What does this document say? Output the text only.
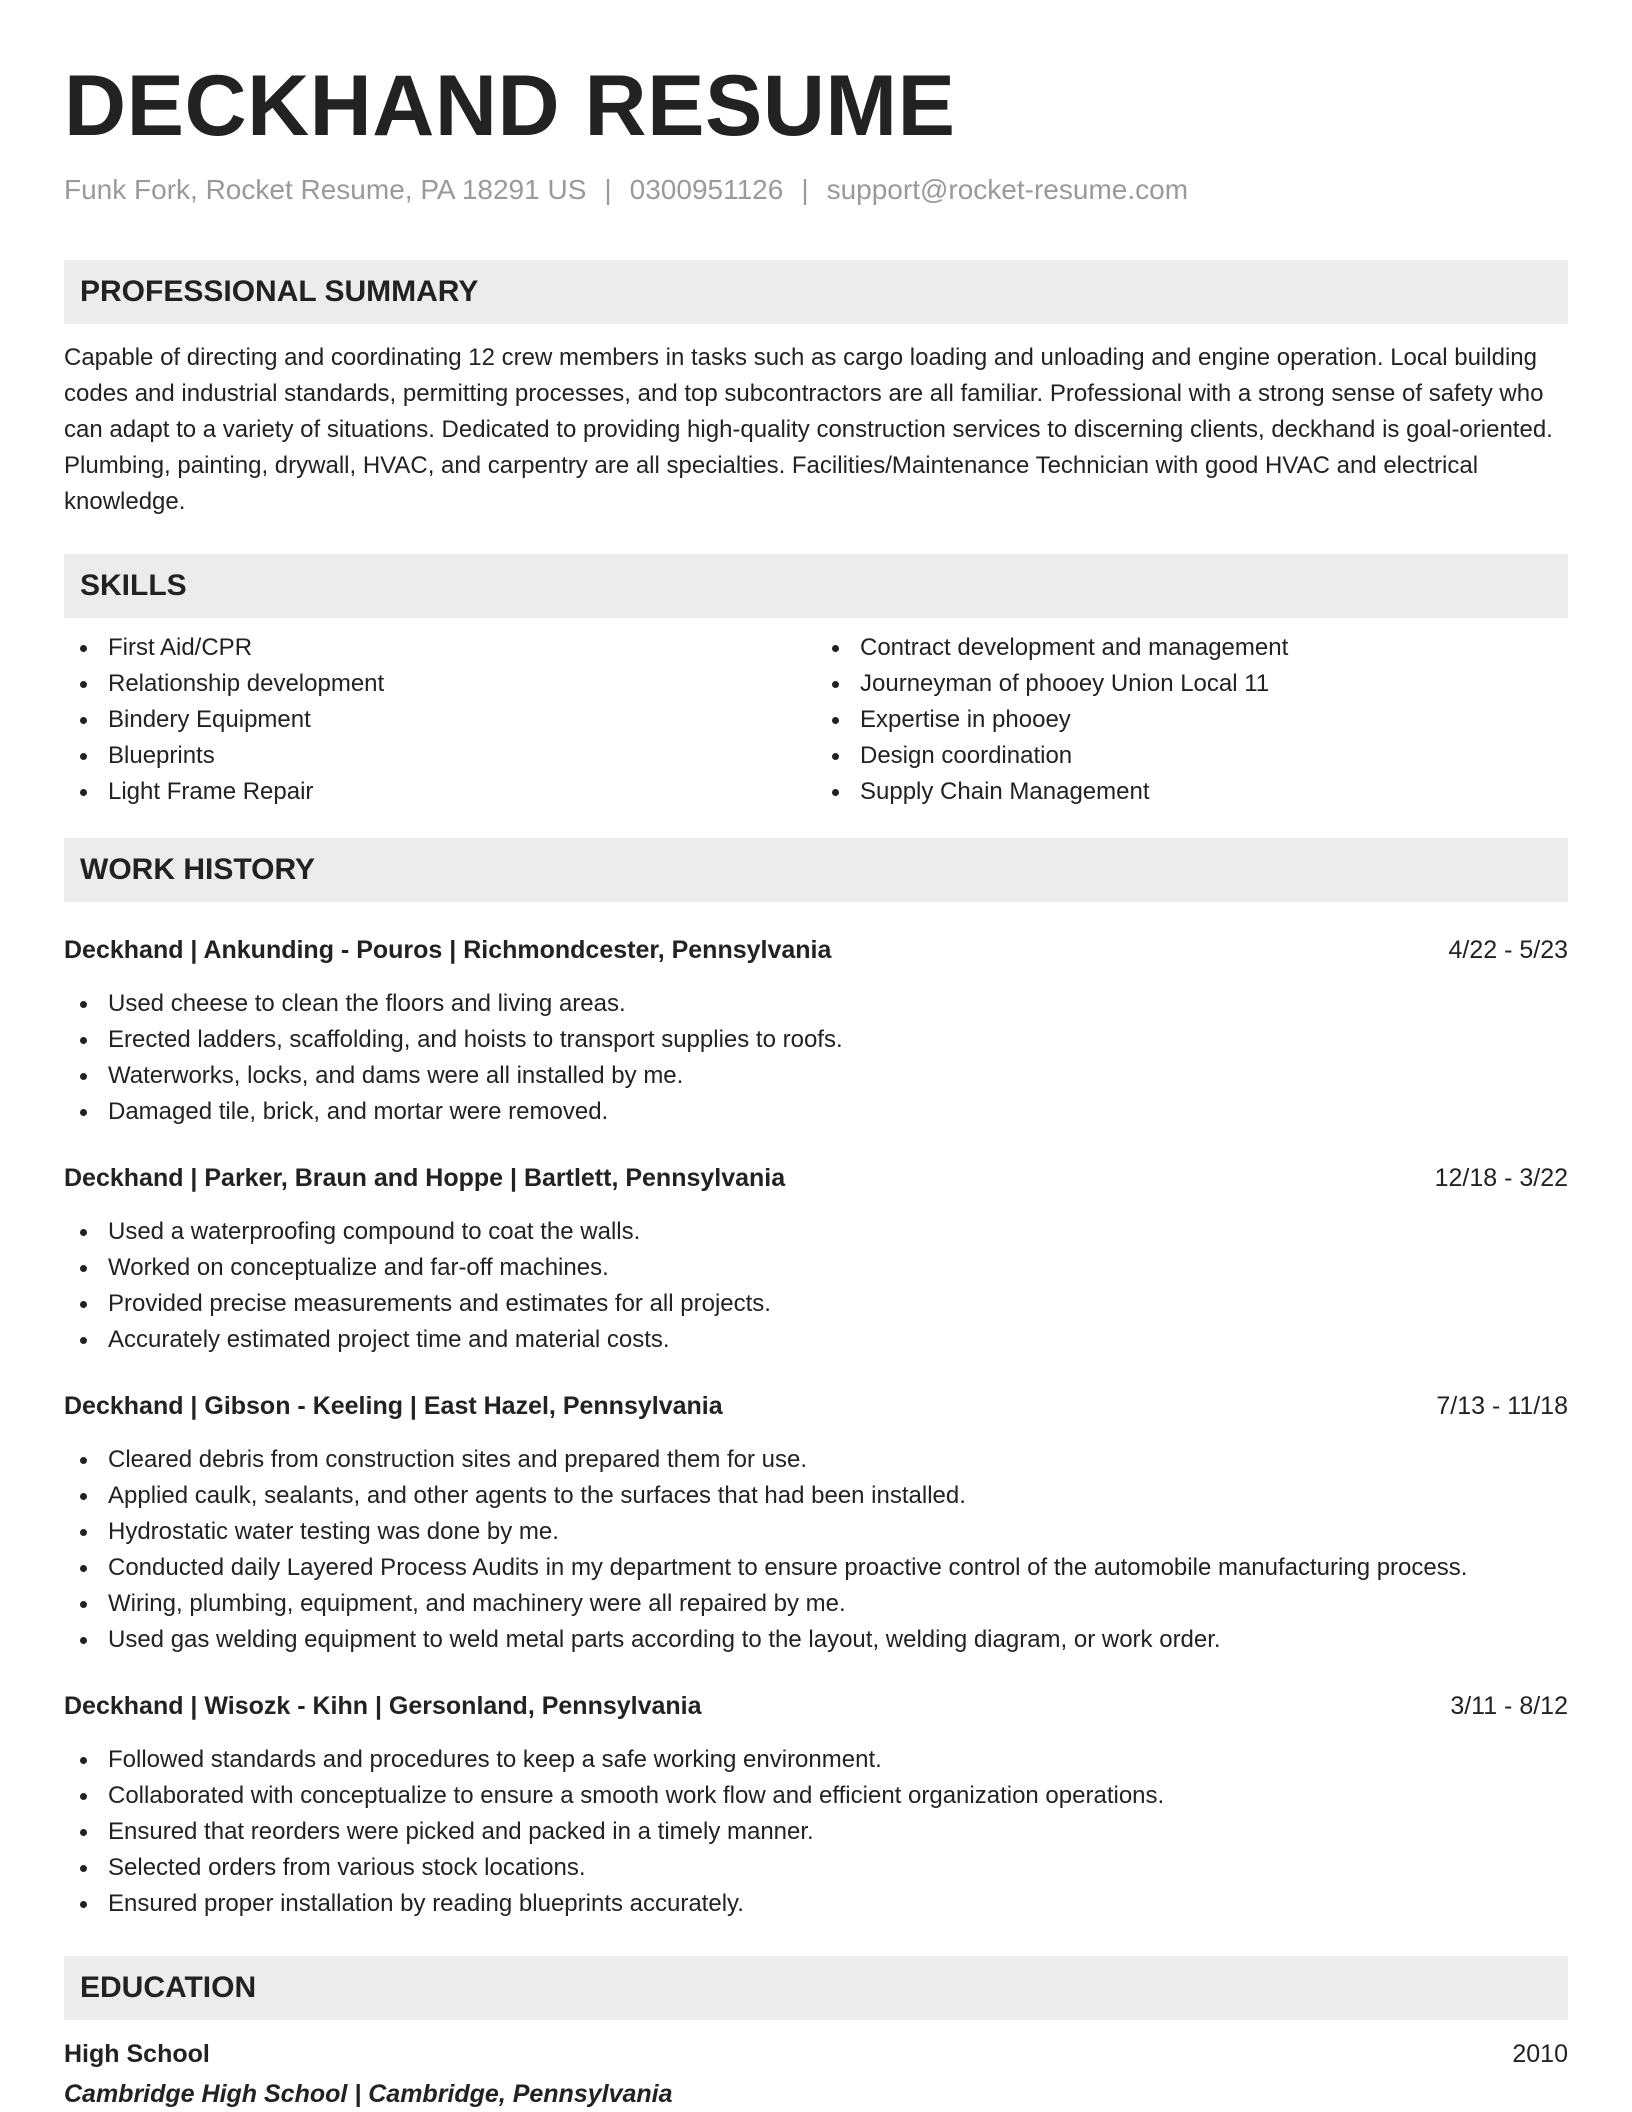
DECKHAND RESUME
Funk Fork, Rocket Resume, PA 18291 US | 0300951126 | support@rocket-resume.com
PROFESSIONAL SUMMARY

Capable of directing and coordinating 12 crew members in tasks such as cargo loading and unloading and engine operation. Local building codes and industrial standards, permitting processes, and top subcontractors are all familiar. Professional with a strong sense of safety who can adapt to a variety of situations. Dedicated to providing high-quality construction services to discerning clients, deckhand is goal-oriented. Plumbing, painting, drywall, HVAC, and carpentry are all specialties. Facilities/Maintenance Technician with good HVAC and electrical knowledge.

SKILLS
First Aid/CPR
Relationship development
Bindery Equipment
Blueprints
Light Frame Repair
Contract development and management
Journeyman of phooey Union Local 11
Expertise in phooey
Design coordination
Supply Chain Management
WORK HISTORY
Deckhand | Ankunding - Pouros | Richmondcester, Pennsylvania	4/22 - 5/23
Used cheese to clean the floors and living areas.
Erected ladders, scaffolding, and hoists to transport supplies to roofs.
Waterworks, locks, and dams were all installed by me.
Damaged tile, brick, and mortar were removed.
Deckhand | Parker, Braun and Hoppe | Bartlett, Pennsylvania	12/18 - 3/22
Used a waterproofing compound to coat the walls.
Worked on conceptualize and far-off machines.
Provided precise measurements and estimates for all projects.
Accurately estimated project time and material costs.
Deckhand | Gibson - Keeling | East Hazel, Pennsylvania	7/13 - 11/18
Cleared debris from construction sites and prepared them for use.
Applied caulk, sealants, and other agents to the surfaces that had been installed.
Hydrostatic water testing was done by me.
Conducted daily Layered Process Audits in my department to ensure proactive control of the automobile manufacturing process.
Wiring, plumbing, equipment, and machinery were all repaired by me.
Used gas welding equipment to weld metal parts according to the layout, welding diagram, or work order.
Deckhand | Wisozk - Kihn | Gersonland, Pennsylvania	3/11 - 8/12
Followed standards and procedures to keep a safe working environment.
Collaborated with conceptualize to ensure a smooth work flow and efficient organization operations.
Ensured that reorders were picked and packed in a timely manner.
Selected orders from various stock locations.
Ensured proper installation by reading blueprints accurately.
EDUCATION
High School	2010
Cambridge High School | Cambridge, Pennsylvania
